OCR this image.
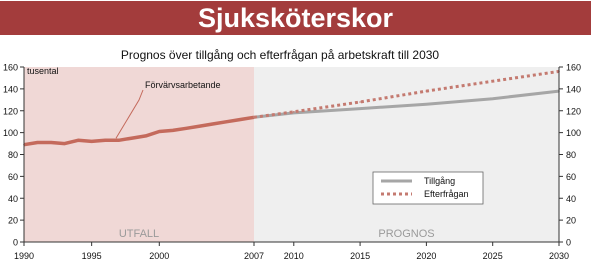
Sjuksköterskor
Prognos över tillgång och efterfrågan på arbetskraft till 2030
UTFALL	PROGNOS
Förvärvsarbetande
0	0
20	20
40	40
60	60
80	80
100	100
120	120
140	140
160	160
1990	1995	2000	2007 2010	2015	2020	2025	2030
tusental
Tillgång
Efterfrågan
